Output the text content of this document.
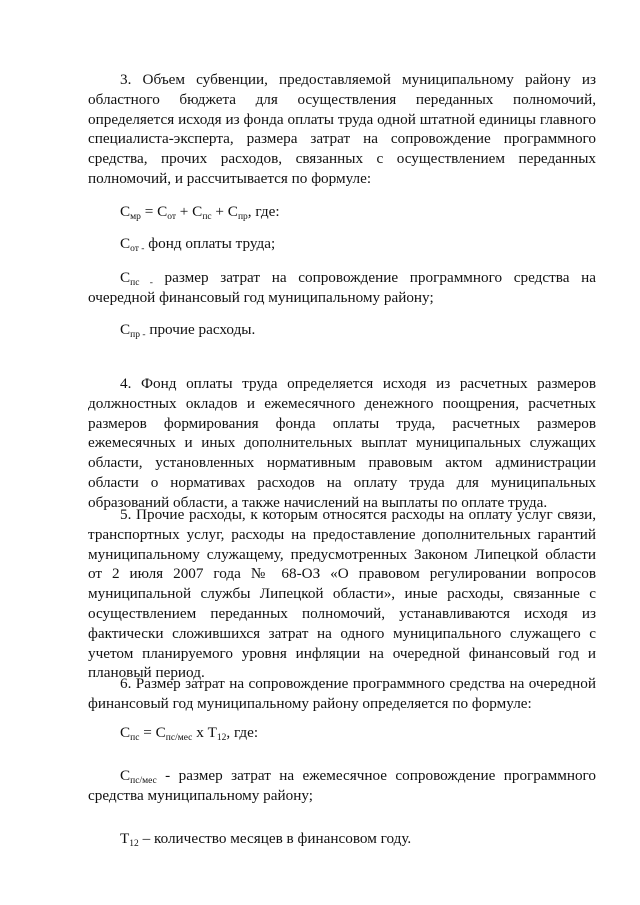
3. Объем субвенции, предоставляемой муниципальному району из областного бюджета для осуществления переданных полномочий, определяется исходя из фонда оплаты труда одной штатной единицы главного специалиста-эксперта, размера затрат на сопровождение программного средства, прочих расходов, связанных с осуществлением переданных полномочий, и рассчитывается по формуле:

$С_{мр} = С_{от} + С_{пс} + С_{пр}$, где:

$С_{от -}$ фонд оплаты труда;

$С_{пс -}$ размер затрат на сопровождение программного средства на очередной финансовый год муниципальному району;

$С_{пр -}$ прочие расходы.

4. Фонд оплаты труда определяется исходя из расчетных размеров должностных окладов и ежемесячного денежного поощрения, расчетных размеров формирования фонда оплаты труда, расчетных размеров ежемесячных и иных дополнительных выплат муниципальных служащих области, установленных нормативным правовым актом администрации области о нормативах расходов на оплату труда для муниципальных образований области, а также начислений на выплаты по оплате труда.

5. Прочие расходы, к которым относятся расходы на оплату услуг связи, транспортных услуг, расходы на предоставление дополнительных гарантий муниципальному служащему, предусмотренных Законом Липецкой области от 2 июля 2007 года № 68-ОЗ «О правовом регулировании вопросов муниципальной службы Липецкой области», иные расходы, связанные с осуществлением переданных полномочий, устанавливаются исходя из фактически сложившихся затрат на одного муниципального служащего с учетом планируемого уровня инфляции на очередной финансовый год и плановый период.

6. Размер затрат на сопровождение программного средства на очередной финансовый год муниципальному району определяется по формуле:

$С_{пс} = С_{пс/мес}$ х $Т_{12}$, где:

$С_{пс/мес}$ - размер затрат на ежемесячное сопровождение программного средства муниципальному району;

$Т_{12}$ – количество месяцев в финансовом году.
